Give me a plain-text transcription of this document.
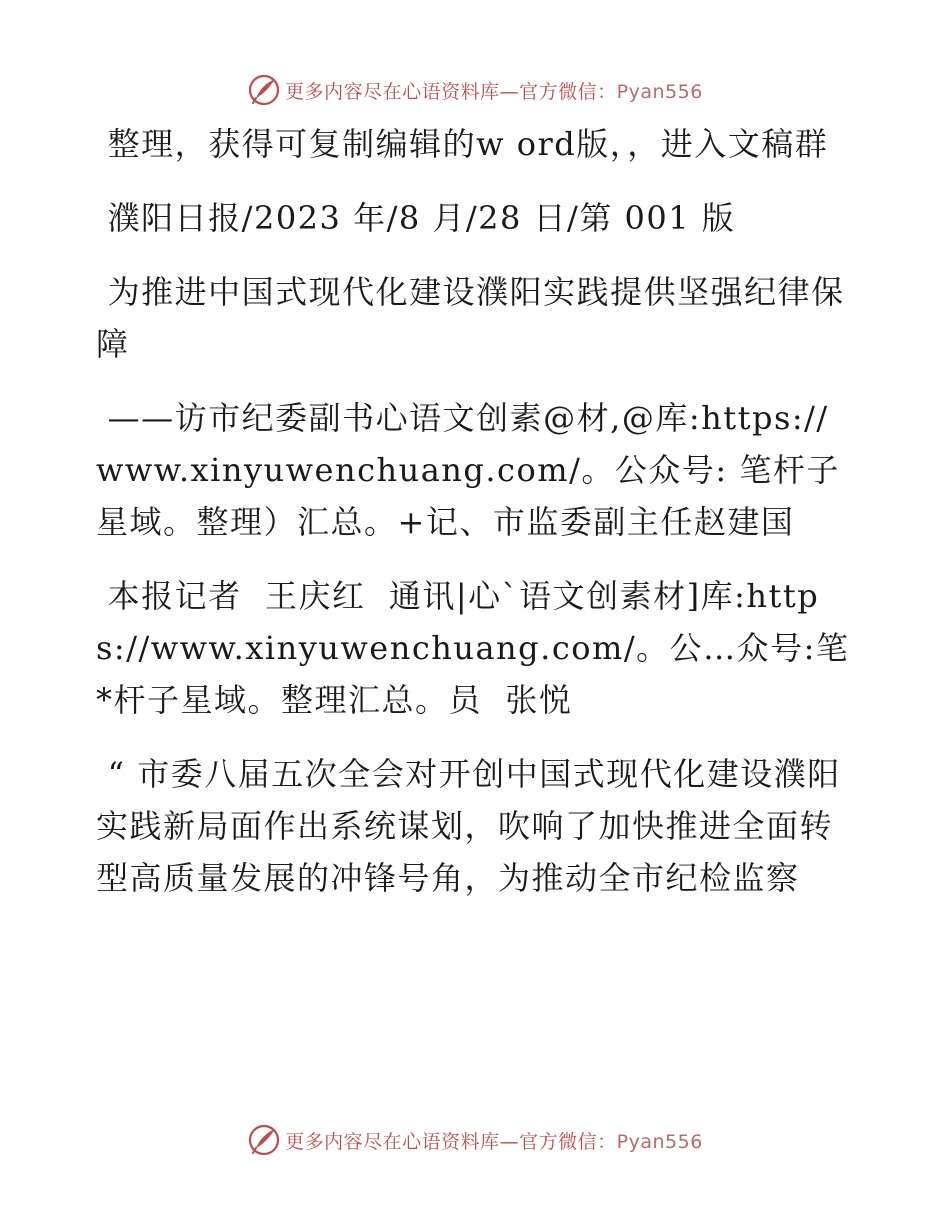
更多内容尽在心语资料库—官方微信：Pyan556

整理，获得可复制编辑的w ord版，，进入文稿群

濮阳日报/2023 年/8 月/28 日/第 001 版

为推进中国式现代化建设濮阳实践提供坚强纪律保障

——访市纪委副书心语文创素@材,@库:https://www.xinyuwenchuang.com/。公众号: 笔杆子星域。整理）汇总。+记、市监委副主任赵建国

本报记者  王庆红  通讯|心`语文创素材]库:https://www.xinyuwenchuang.com/。公…众号:笔*杆子星域。整理汇总。员  张悦

“ 市委八届五次全会对开创中国式现代化建设濮阳实践新局面作出系统谋划，吹响了加快推进全面转型高质量发展的冲锋号角，为推动全市纪检监察

更多内容尽在心语资料库—官方微信：Pyan556
